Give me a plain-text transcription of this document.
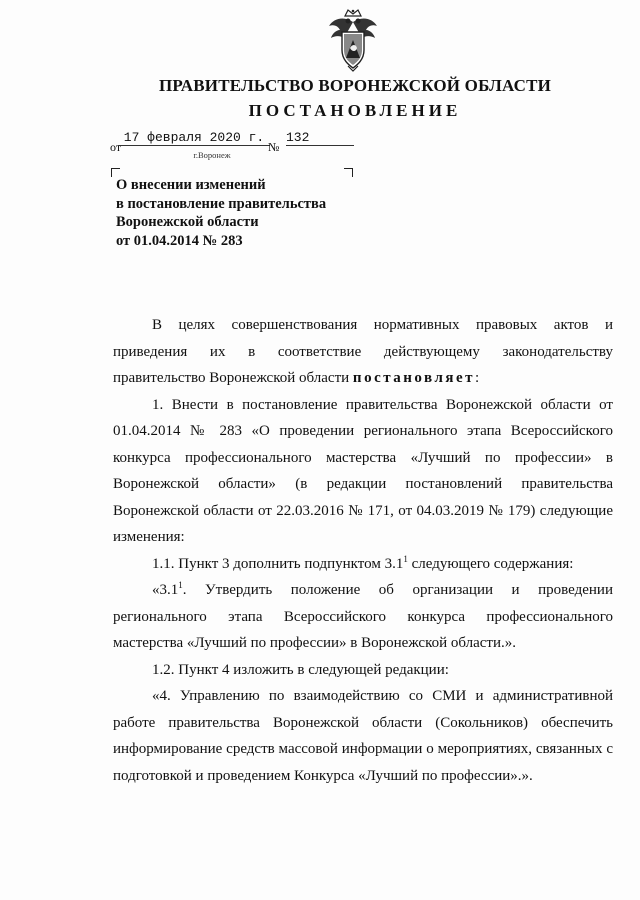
ПРАВИТЕЛЬСТВО ВОРОНЕЖСКОЙ ОБЛАСТИ
ПОСТАНОВЛЕНИЕ
от
17 февраля 2020 г.
№
132
г.Воронеж
О внесении изменений
в постановление правительства
Воронежской области
от 01.04.2014 № 283

В целях совершенствования нормативных правовых актов и приведения их в соответствие действующему законодательству правительство Воронежской области постановляет:

1. Внести в постановление правительства Воронежской области от 01.04.2014 № 283 «О проведении регионального этапа Всероссийского конкурса профессионального мастерства «Лучший по профессии» в Воронежской области» (в редакции постановлений правительства Воронежской области от 22.03.2016 № 171, от 04.03.2019 № 179) следующие изменения:

1.1. Пункт 3 дополнить подпунктом $3.1^1$ следующего содержания:

«$3.1^1$. Утвердить положение об организации и проведении регионального этапа Всероссийского конкурса профессионального мастерства «Лучший по профессии» в Воронежской области.».

1.2. Пункт 4 изложить в следующей редакции:

«4. Управлению по взаимодействию со СМИ и административной работе правительства Воронежской области (Сокольников) обеспечить информирование средств массовой информации о мероприятиях, связанных с подготовкой и проведением Конкурса «Лучший по профессии».».
